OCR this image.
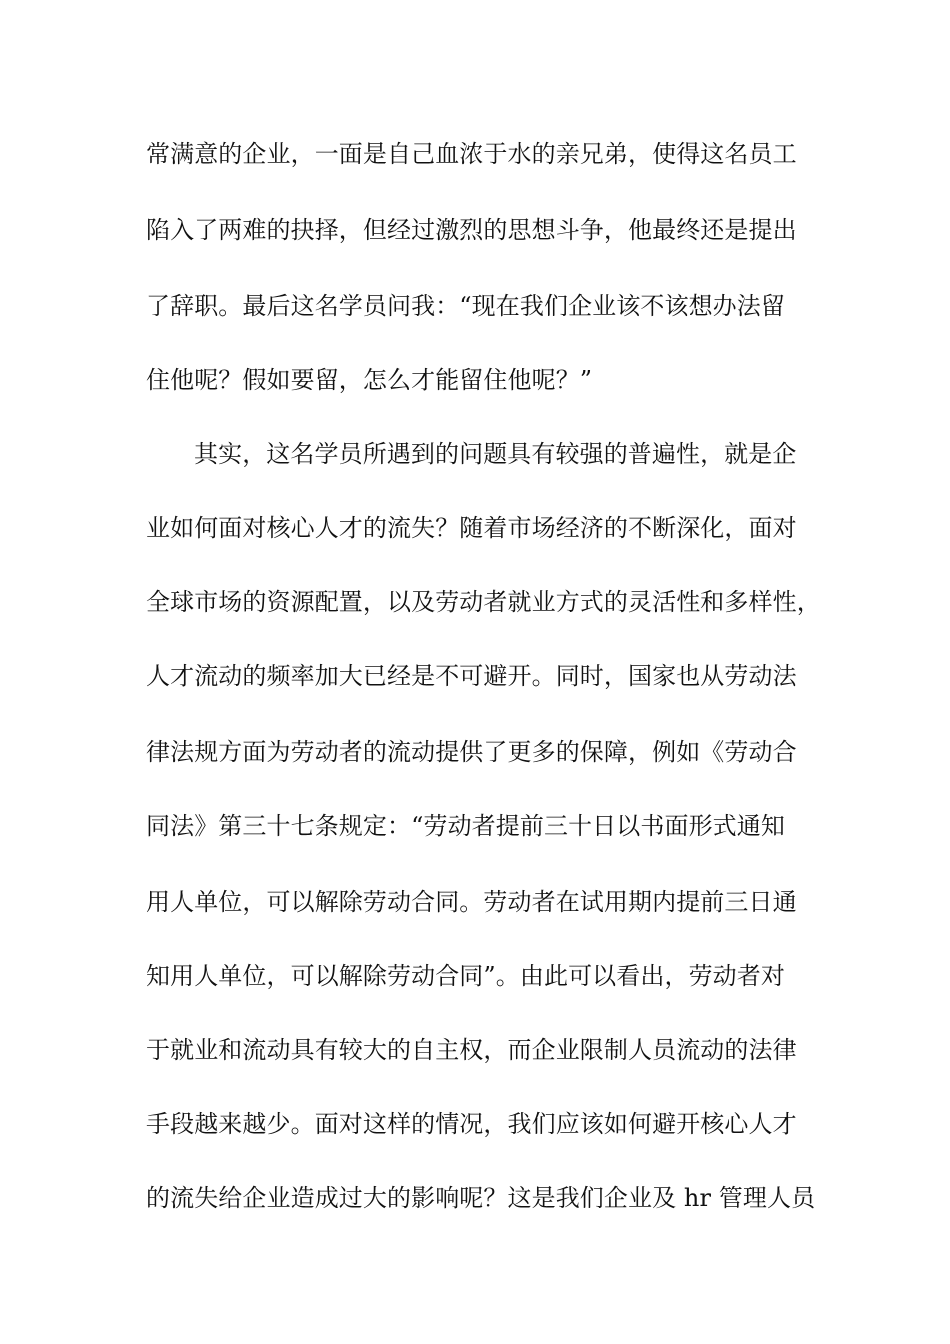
常满意的企业，一面是自己血浓于水的亲兄弟，使得这名员工

陷入了两难的抉择，但经过激烈的思想斗争，他最终还是提出

了辞职。最后这名学员问我：“现在我们企业该不该想办法留

住他呢？假如要留，怎么才能留住他呢？”

其实，这名学员所遇到的问题具有较强的普遍性，就是企

业如何面对核心人才的流失？随着市场经济的不断深化，面对

全球市场的资源配置，以及劳动者就业方式的灵活性和多样性，

人才流动的频率加大已经是不可避开。同时，国家也从劳动法

律法规方面为劳动者的流动提供了更多的保障，例如《劳动合

同法》第三十七条规定：“劳动者提前三十日以书面形式通知

用人单位，可以解除劳动合同。劳动者在试用期内提前三日通

知用人单位，可以解除劳动合同”。由此可以看出，劳动者对

于就业和流动具有较大的自主权，而企业限制人员流动的法律

手段越来越少。面对这样的情况，我们应该如何避开核心人才

的流失给企业造成过大的影响呢？这是我们企业及 hr 管理人员
